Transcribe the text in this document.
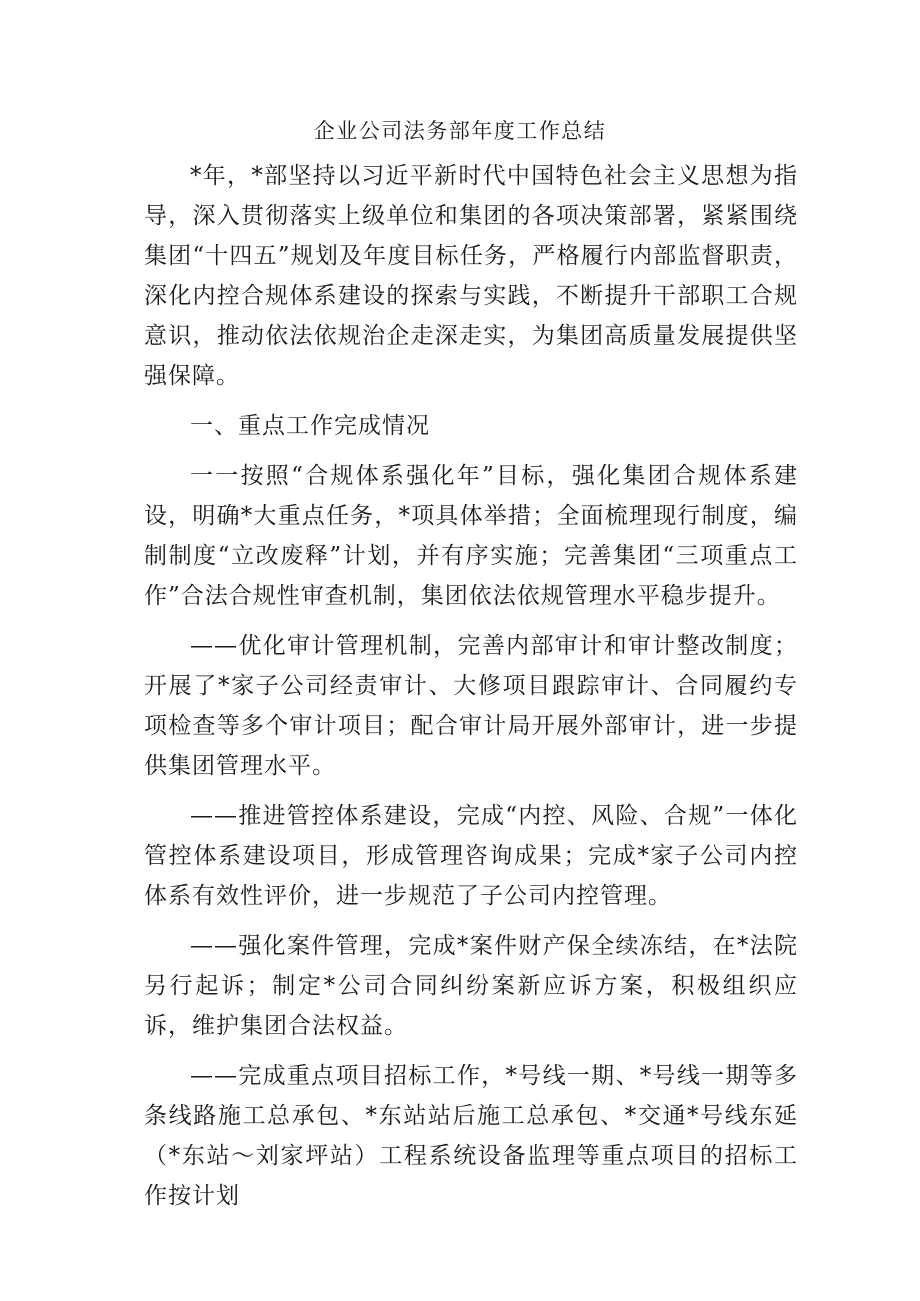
企业公司法务部年度工作总结

*年，*部坚持以习近平新时代中国特色社会主义思想为指导，深入贯彻落实上级单位和集团的各项决策部署，紧紧围绕集团“十四五”规划及年度目标任务，严格履行内部监督职责，深化内控合规体系建设的探索与实践，不断提升干部职工合规意识，推动依法依规治企走深走实，为集团高质量发展提供坚强保障。

一、重点工作完成情况

一一按照“合规体系强化年”目标，强化集团合规体系建设，明确*大重点任务，*项具体举措；全面梳理现行制度，编制制度“立改废释”计划，并有序实施；完善集团“三项重点工作”合法合规性审查机制，集团依法依规管理水平稳步提升。

——优化审计管理机制，完善内部审计和审计整改制度；开展了*家子公司经责审计、大修项目跟踪审计、合同履约专项检查等多个审计项目；配合审计局开展外部审计，进一步提供集团管理水平。

——推进管控体系建设，完成“内控、风险、合规”一体化管控体系建设项目，形成管理咨询成果；完成*家子公司内控体系有效性评价，进一步规范了子公司内控管理。

——强化案件管理，完成*案件财产保全续冻结，在*法院另行起诉；制定*公司合同纠纷案新应诉方案，积极组织应诉，维护集团合法权益。

——完成重点项目招标工作，*号线一期、*号线一期等多条线路施工总承包、*东站站后施工总承包、*交通*号线东延（*东站～刘家坪站）工程系统设备监理等重点项目的招标工作按计划
